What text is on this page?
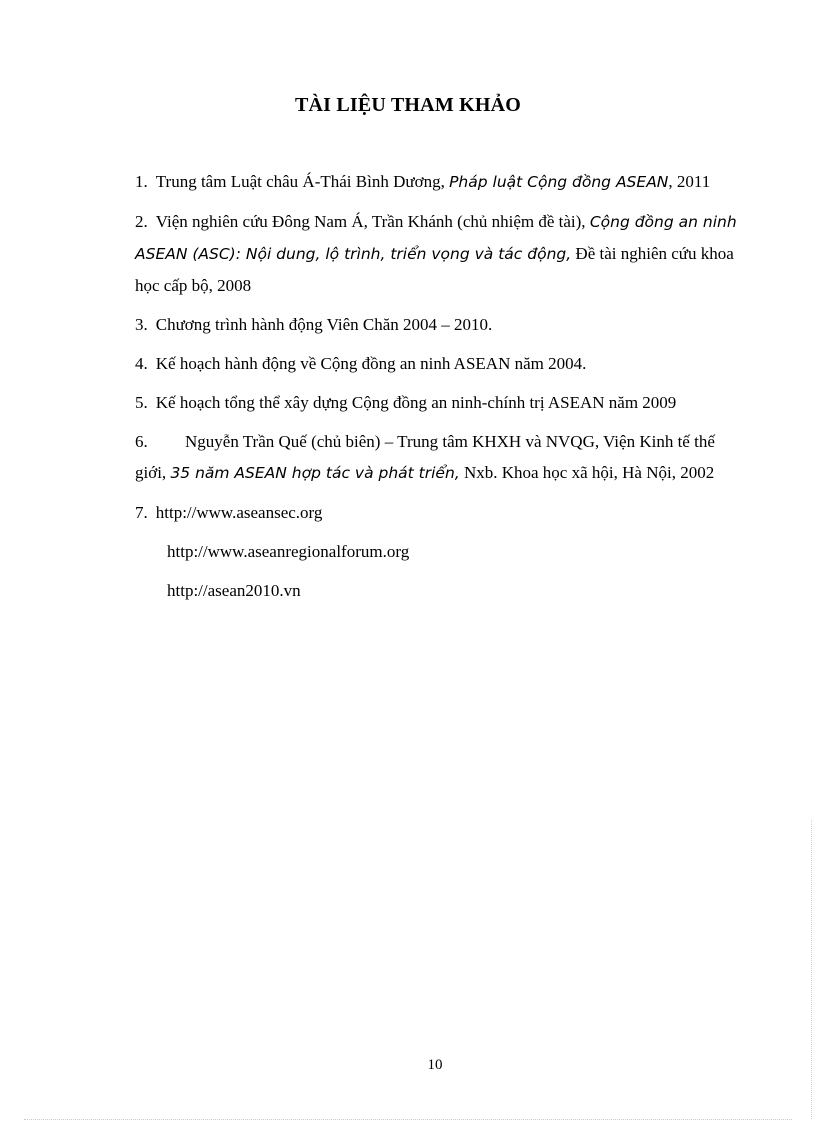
TÀI LIỆU THAM KHẢO

1. Trung tâm Luật châu Á-Thái Bình Dương, Pháp luật Cộng đồng ASEAN, 2011

2. Viện nghiên cứu Đông Nam Á, Trần Khánh (chủ nhiệm đề tài), Cộng đồng an ninh ASEAN (ASC): Nội dung, lộ trình, triển vọng và tác động, Đề tài nghiên cứu khoa học cấp bộ, 2008

3. Chương trình hành động Viên Chăn 2004 – 2010.

4. Kế hoạch hành động về Cộng đồng an ninh ASEAN năm 2004.

5. Kế hoạch tổng thể xây dựng Cộng đồng an ninh-chính trị ASEAN năm 2009

6. Nguyễn Trần Quế (chủ biên) – Trung tâm KHXH và NVQG, Viện Kinh tế thế giới, 35 năm ASEAN hợp tác và phát triển, Nxb. Khoa học xã hội, Hà Nội, 2002

7. http://www.aseansec.org

http://www.aseanregionalforum.org

http://asean2010.vn

10
